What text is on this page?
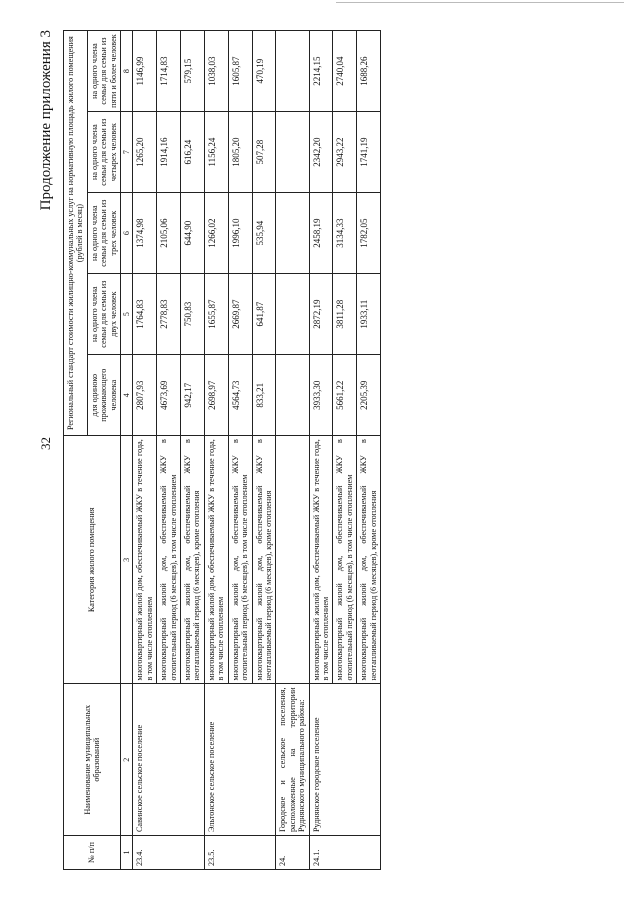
32
Продолжение приложения 3
№ п/п	Наименование муниципальных образований	Категория жилого помещения	Региональный стандарт стоимости жилищно-коммунальных услуг на нормативную площадь жилого помещения (рублей в месяц)				
			для одиноко проживающего человека	на одного члена семьи для семьи из двух человек	на одного члена семьи для семьи из трех человек	на одного члена семьи для семьи из четырех человек	на одного члена семьи для семьи из пяти и более человек
1	2	3	4	5	6	7	8
23.4.	Савинское сельское поселение	многоквартирный жилой дом, обеспечиваемый ЖКУ в течение года, в том числе отоплением	2807,93	1764,83	1374,98	1265,20	1146,99
		многоквартирный жилой дом, обеспечиваемый ЖКУ в отопительный период (6 месяцев), в том числе отоплением	4673,69	2778,83	2105,06	1914,16	1714,83
		многоквартирный жилой дом, обеспечиваемый ЖКУ в неотапливаемый период (6 месяцев), кроме отопления	942,17	750,83	644,90	616,24	579,15
23.5.	Эльтонское сельское поселение	многоквартирный жилой дом, обеспечиваемый ЖКУ в течение года, в том числе отоплением	2698,97	1655,87	1266,02	1156,24	1038,03
		многоквартирный жилой дом, обеспечиваемый ЖКУ в отопительный период (6 месяцев), в том числе отоплением	4564,73	2669,87	1996,10	1805,20	1605,87
		многоквартирный жилой дом, обеспечиваемый ЖКУ в неотапливаемый период (6 месяцев), кроме отопления	833,21	641,87	535,94	507,28	470,19
24.	Городское и сельское поселения, расположенные на территории Руднянского муниципального района:						
24.1.	Руднянское городское поселение	многоквартирный жилой дом, обеспечиваемый ЖКУ в течение года, в том числе отоплением	3933,30	2872,19	2458,19	2342,20	2214,15
		многоквартирный жилой дом, обеспечиваемый ЖКУ в отопительный период (6 месяцев), в том числе отоплением	5661,22	3811,28	3134,33	2943,22	2740,04
		многоквартирный жилой дом, обеспечиваемый ЖКУ в неотапливаемый период (6 месяцев), кроме отопления	2205,39	1933,11	1782,05	1741,19	1688,26
